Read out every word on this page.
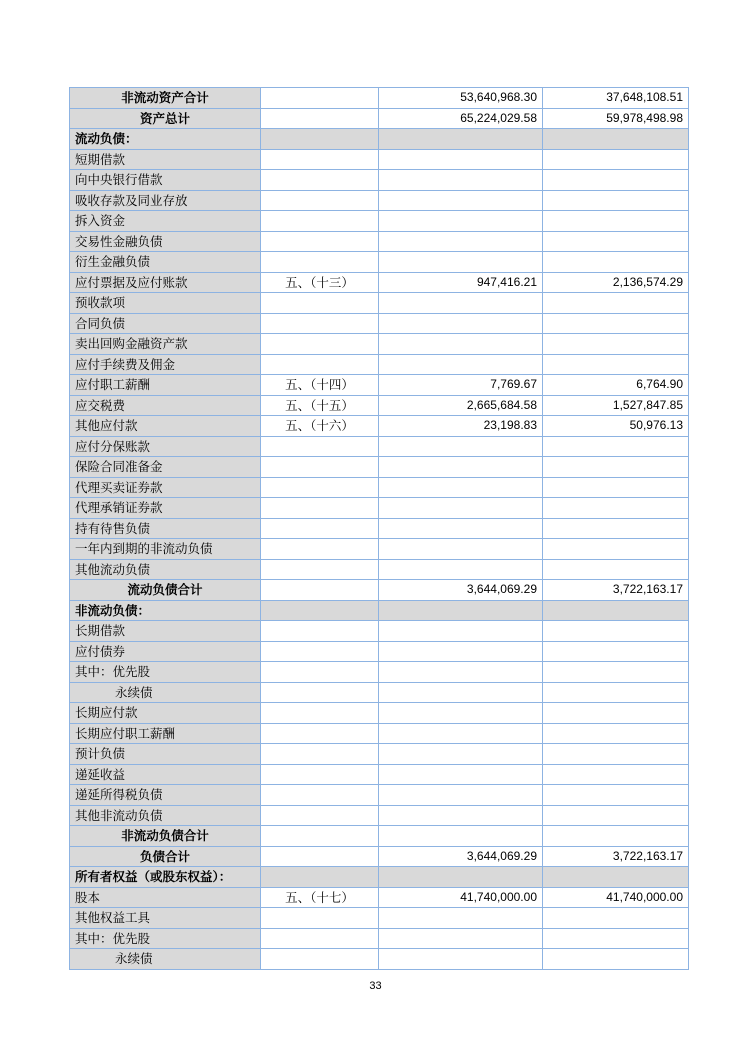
非流动资产合计		53,640,968.30	37,648,108.51
资产总计		65,224,029.58	59,978,498.98
流动负债：			
短期借款			
向中央银行借款			
吸收存款及同业存放			
拆入资金			
交易性金融负债			
衍生金融负债			
应付票据及应付账款	五、（十三）	947,416.21	2,136,574.29
预收款项			
合同负债			
卖出回购金融资产款			
应付手续费及佣金			
应付职工薪酬	五、（十四）	7,769.67	6,764.90
应交税费	五、（十五）	2,665,684.58	1,527,847.85
其他应付款	五、（十六）	23,198.83	50,976.13
应付分保账款			
保险合同准备金			
代理买卖证券款			
代理承销证券款			
持有待售负债			
一年内到期的非流动负债			
其他流动负债			
流动负债合计		3,644,069.29	3,722,163.17
非流动负债：			
长期借款			
应付债券			
其中：优先股			
永续债			
长期应付款			
长期应付职工薪酬			
预计负债			
递延收益			
递延所得税负债			
其他非流动负债			
非流动负债合计			
负债合计		3,644,069.29	3,722,163.17
所有者权益（或股东权益）：			
股本	五、（十七）	41,740,000.00	41,740,000.00
其他权益工具			
其中：优先股			
永续债			
33
